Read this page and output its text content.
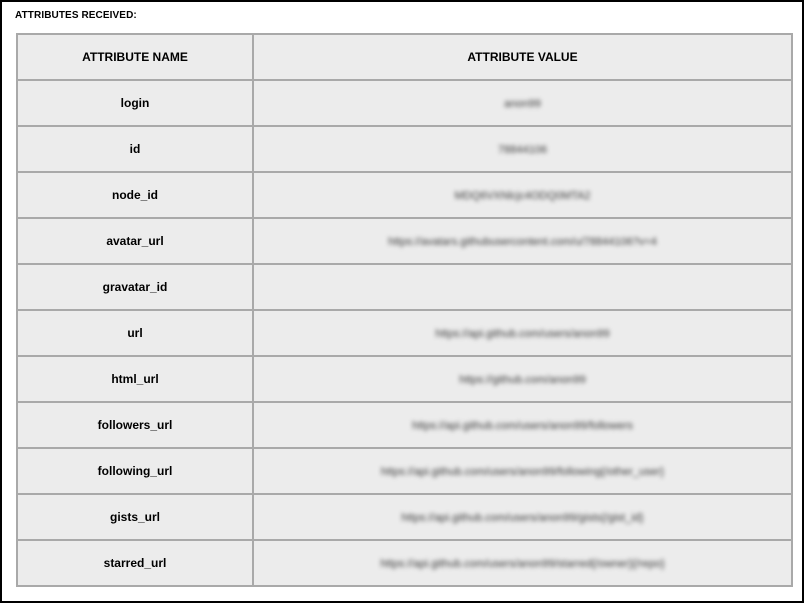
ATTRIBUTES RECEIVED:
ATTRIBUTE NAME	ATTRIBUTE VALUE
login	anon99
id	78844106
node_id	MDQ6VXNlcjc4ODQ0MTA2
avatar_url	https://avatars.githubusercontent.com/u/78844106?v=4
gravatar_id	
url	https://api.github.com/users/anon99
html_url	https://github.com/anon99
followers_url	https://api.github.com/users/anon99/followers
following_url	https://api.github.com/users/anon99/following{/other_user}
gists_url	https://api.github.com/users/anon99/gists{/gist_id}
starred_url	https://api.github.com/users/anon99/starred{/owner}{/repo}
